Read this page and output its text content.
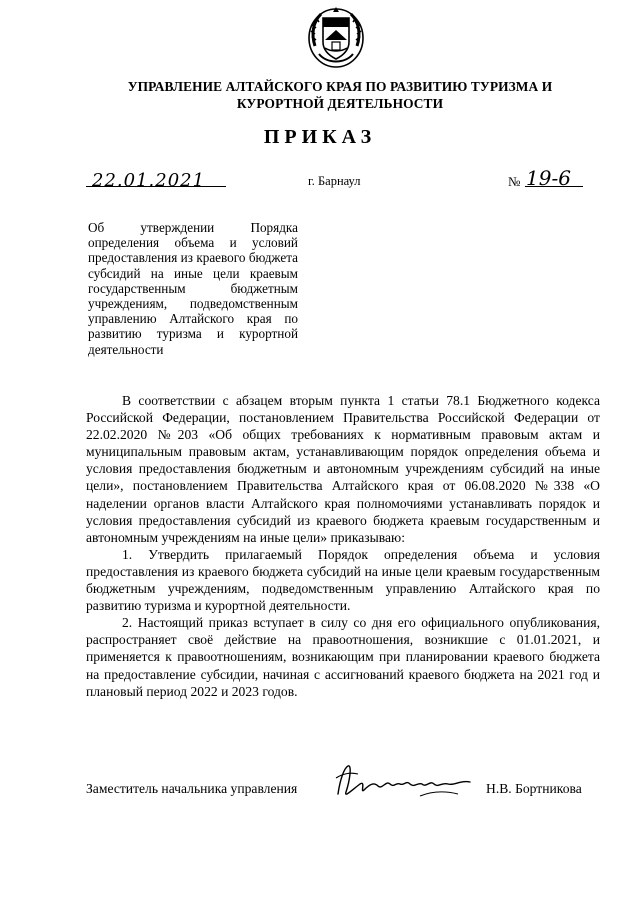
УПРАВЛЕНИЕ АЛТАЙСКОГО КРАЯ ПО РАЗВИТИЮ ТУРИЗМА И
КУРОРТНОЙ ДЕЯТЕЛЬНОСТИ
ПРИКАЗ
22.01.2021	г. Барнаул	№ 19-6
Об утверждении Порядка определения объема и условий предоставления из краевого бюджета субсидий на иные цели краевым государственным бюджетным учреждениям, подведомственным управлению Алтайского края по развитию туризма и курортной деятельности

В соответствии с абзацем вторым пункта 1 статьи 78.1 Бюджетного кодекса Российской Федерации, постановлением Правительства Российской Федерации от 22.02.2020 №203 «Об общих требованиях к нормативным правовым актам и муниципальным правовым актам, устанавливающим порядок определения объема и условия предоставления бюджетным и автономным учреждениям субсидий на иные цели», постановлением Правительства Алтайского края от 06.08.2020 №338 «О наделении органов власти Алтайского края полномочиями устанавливать порядок и условия предоставления субсидий из краевого бюджета краевым государственным и автономным учреждениям на иные цели» приказываю:

1. Утвердить прилагаемый Порядок определения объема и условия предоставления из краевого бюджета субсидий на иные цели краевым государственным бюджетным учреждениям, подведомственным управлению Алтайского края по развитию туризма и курортной деятельности.

2. Настоящий приказ вступает в силу со дня его официального опубликования, распространяет своё действие на правоотношения, возникшие с 01.01.2021, и применяется к правоотношениям, возникающим при планировании краевого бюджета на предоставление субсидии, начиная с ассигнований краевого бюджета на 2021 год и плановый период 2022 и 2023 годов.

Заместитель начальника управления	Н.В. Бортникова
